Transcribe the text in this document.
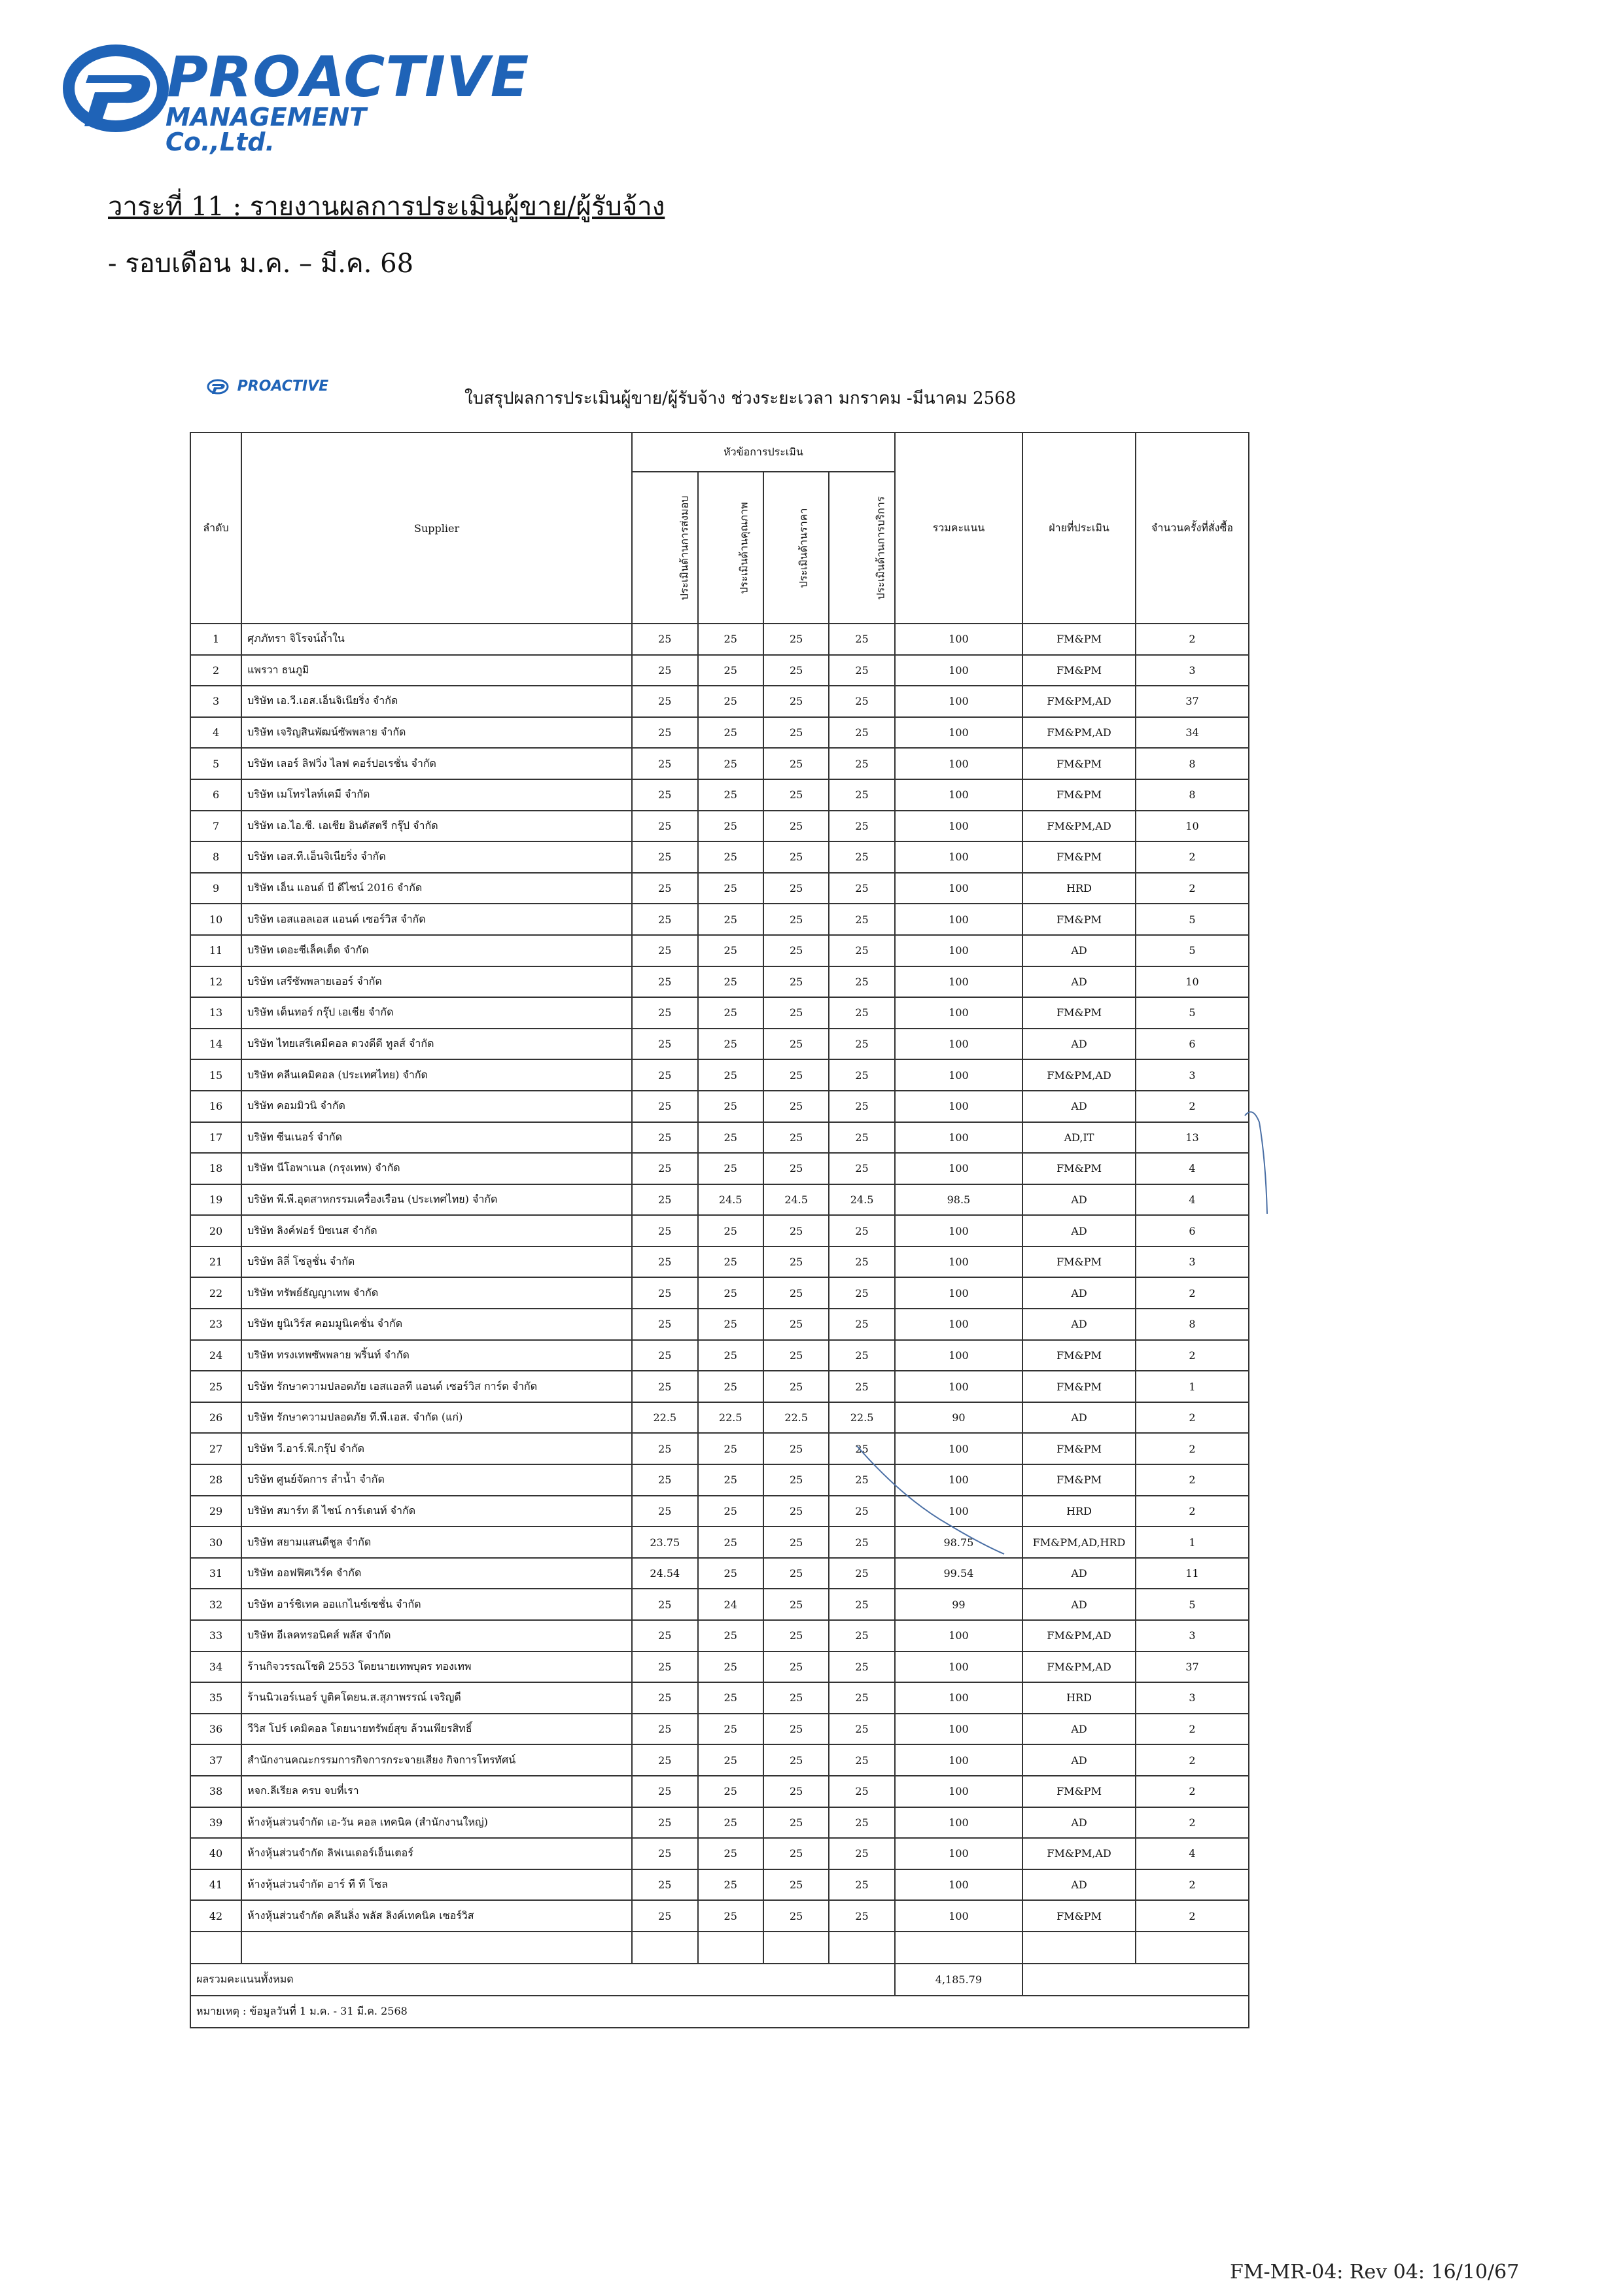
PROACTIVE
MANAGEMENT Co.,Ltd.
วาระที่ 11 : รายงานผลการประเมินผู้ขาย/ผู้รับจ้าง
- รอบเดือน ม.ค. – มี.ค. 68
PROACTIVE
ใบสรุปผลการประเมินผู้ขาย/ผู้รับจ้าง ช่วงระยะเวลา มกราคม -มีนาคม 2568
ลำดับ	Supplier	หัวข้อการประเมิน				รวมคะแนน	ฝ่ายที่ประเมิน	จำนวนครั้งที่สั่งซื้อ
		ประเมินด้านการส่งมอบ	ประเมินด้านคุณภาพ	ประเมินด้านราคา	ประเมินด้านการบริการ			
1	ศุภภัทรา จิโรจน์ถ้ำใน	25	25	25	25	100	FM&PM	2
2	แพรวา ธนภูมิ	25	25	25	25	100	FM&PM	3
3	บริษัท เอ.วี.เอส.เอ็นจิเนียริ่ง จำกัด	25	25	25	25	100	FM&PM,AD	37
4	บริษัท เจริญสินพัฒน์ซัพพลาย จำกัด	25	25	25	25	100	FM&PM,AD	34
5	บริษัท เลอร์ ลิฟวิ่ง ไลฟ คอร์ปอเรชั่น จำกัด	25	25	25	25	100	FM&PM	8
6	บริษัท เมโทรไลท์เคมี จำกัด	25	25	25	25	100	FM&PM	8
7	บริษัท เอ.ไอ.ซี. เอเชีย อินดัสตรี กรุ๊ป จำกัด	25	25	25	25	100	FM&PM,AD	10
8	บริษัท เอส.ที.เอ็นจิเนียริ่ง จำกัด	25	25	25	25	100	FM&PM	2
9	บริษัท เอ็น แอนด์ บี ดีไซน์ 2016 จำกัด	25	25	25	25	100	HRD	2
10	บริษัท เอสแอลเอส แอนด์ เซอร์วิส จำกัด	25	25	25	25	100	FM&PM	5
11	บริษัท เดอะซีเล็คเต็ด จำกัด	25	25	25	25	100	AD	5
12	บริษัท เสรีซัพพลายเออร์ จำกัด	25	25	25	25	100	AD	10
13	บริษัท เด็นทอร์ กรุ๊ป เอเชีย จำกัด	25	25	25	25	100	FM&PM	5
14	บริษัท ไทยเสรีเคมีคอล ดวงดีดี ทูลส์ จำกัด	25	25	25	25	100	AD	6
15	บริษัท คลีนเคมิคอล (ประเทศไทย) จำกัด	25	25	25	25	100	FM&PM,AD	3
16	บริษัท คอมมิวนิ จำกัด	25	25	25	25	100	AD	2
17	บริษัท ซีนเนอร์ จำกัด	25	25	25	25	100	AD,IT	13
18	บริษัท นีโอพาเนล (กรุงเทพ) จำกัด	25	25	25	25	100	FM&PM	4
19	บริษัท พี.พี.อุตสาหกรรมเครื่องเรือน (ประเทศไทย) จำกัด	25	24.5	24.5	24.5	98.5	AD	4
20	บริษัท ลิงค์ฟอร์ บิซเนส จำกัด	25	25	25	25	100	AD	6
21	บริษัท ลิลี่ โซลูชั่น จำกัด	25	25	25	25	100	FM&PM	3
22	บริษัท ทรัพย์ธัญญาเทพ จำกัด	25	25	25	25	100	AD	2
23	บริษัท ยูนิเวิร์ส คอมมูนิเคชั่น จำกัด	25	25	25	25	100	AD	8
24	บริษัท ทรงเทพซัพพลาย พริ้นท์ จำกัด	25	25	25	25	100	FM&PM	2
25	บริษัท รักษาความปลอดภัย เอสแอลที แอนด์ เซอร์วิส การ์ด จำกัด	25	25	25	25	100	FM&PM	1
26	บริษัท รักษาความปลอดภัย ที.พี.เอส. จำกัด (แก่)	22.5	22.5	22.5	22.5	90	AD	2
27	บริษัท วี.อาร์.พี.กรุ๊ป จำกัด	25	25	25	25	100	FM&PM	2
28	บริษัท ศูนย์จัดการ ลำน้ำ จำกัด	25	25	25	25	100	FM&PM	2
29	บริษัท สมาร์ท ดี ไซน์ การ์เดนท์ จำกัด	25	25	25	25	100	HRD	2
30	บริษัท สยามแสนดีชูล จำกัด	23.75	25	25	25	98.75	FM&PM,AD,HRD	1
31	บริษัท ออฟฟิศเวิร์ค จำกัด	24.54	25	25	25	99.54	AD	11
32	บริษัท อาร์ชิเทค ออแกไนซ์เซชั่น จำกัด	25	24	25	25	99	AD	5
33	บริษัท อีเลคทรอนิคส์ พลัส จำกัด	25	25	25	25	100	FM&PM,AD	3
34	ร้านกิจวรรณโชติ 2553 โดยนายเทพบุตร ทองเทพ	25	25	25	25	100	FM&PM,AD	37
35	ร้านนิวเอร์เนอร์ บูติคโดยน.ส.สุภาพรรณ์ เจริญดี	25	25	25	25	100	HRD	3
36	วีวิส โปร์ เคมิคอล โดยนายทรัพย์สุข ล้วนเพียรสิทธิ์	25	25	25	25	100	AD	2
37	สำนักงานคณะกรรมการกิจการกระจายเสียง กิจการโทรทัศน์	25	25	25	25	100	AD	2
38	หจก.ลีเรียล ครบ จบที่เรา	25	25	25	25	100	FM&PM	2
39	ห้างหุ้นส่วนจำกัด เอ-วัน คอล เทคนิค (สำนักงานใหญ่)	25	25	25	25	100	AD	2
40	ห้างหุ้นส่วนจำกัด ลิฟเนเดอร์เอ็นเตอร์	25	25	25	25	100	FM&PM,AD	4
41	ห้างหุ้นส่วนจำกัด อาร์ ที ที โซล	25	25	25	25	100	AD	2
42	ห้างหุ้นส่วนจำกัด คลีนลิ่ง พลัส ลิงค์เทคนิค เซอร์วิส	25	25	25	25	100	FM&PM	2

ผลรวมคะแนนทั้งหมด						4,185.79		
หมายเหตุ : ข้อมูลวันที่ 1 ม.ค. - 31 มี.ค. 2568								
FM-MR-04: Rev 04: 16/10/67
